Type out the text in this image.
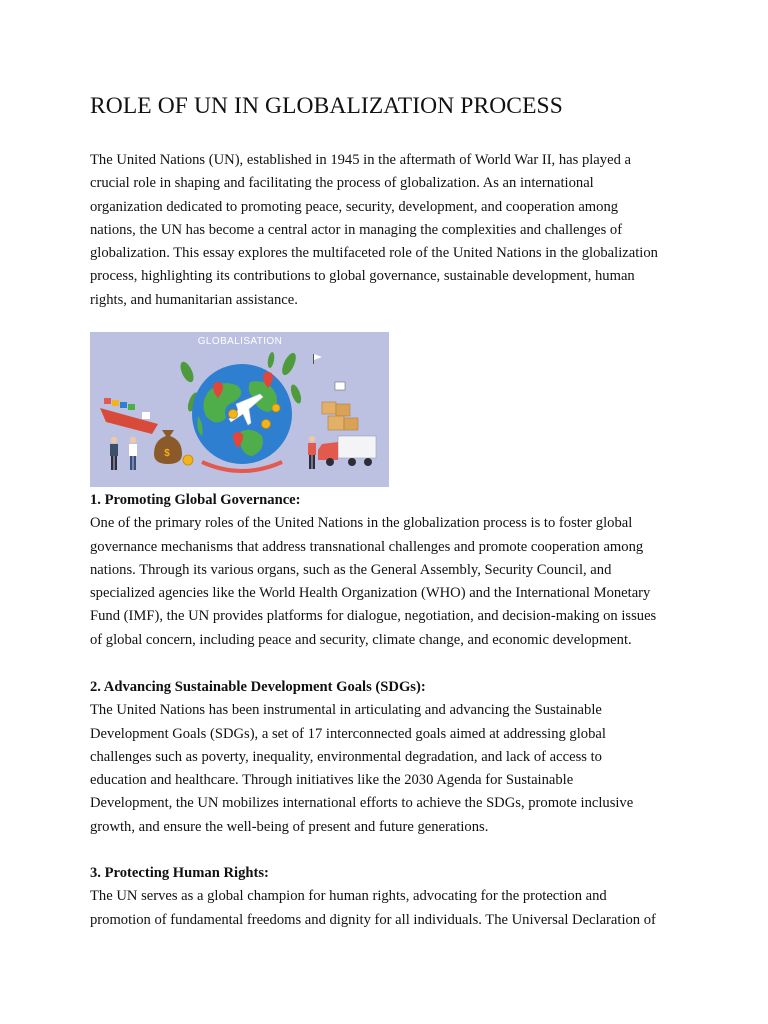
ROLE OF UN IN GLOBALIZATION PROCESS

The United Nations (UN), established in 1945 in the aftermath of World War II, has played a
crucial role in shaping and facilitating the process of globalization. As an international
organization dedicated to promoting peace, security, development, and cooperation among
nations, the UN has become a central actor in managing the complexities and challenges of
globalization. This essay explores the multifaceted role of the United Nations in the globalization
process, highlighting its contributions to global governance, sustainable development, human
rights, and humanitarian assistance.

GLOBALISATION
$

1. Promoting Global Governance:
One of the primary roles of the United Nations in the globalization process is to foster global
governance mechanisms that address transnational challenges and promote cooperation among
nations. Through its various organs, such as the General Assembly, Security Council, and
specialized agencies like the World Health Organization (WHO) and the International Monetary
Fund (IMF), the UN provides platforms for dialogue, negotiation, and decision-making on issues
of global concern, including peace and security, climate change, and economic development.

2. Advancing Sustainable Development Goals (SDGs):
The United Nations has been instrumental in articulating and advancing the Sustainable
Development Goals (SDGs), a set of 17 interconnected goals aimed at addressing global
challenges such as poverty, inequality, environmental degradation, and lack of access to
education and healthcare. Through initiatives like the 2030 Agenda for Sustainable
Development, the UN mobilizes international efforts to achieve the SDGs, promote inclusive
growth, and ensure the well-being of present and future generations.

3. Protecting Human Rights:
The UN serves as a global champion for human rights, advocating for the protection and
promotion of fundamental freedoms and dignity for all individuals. The Universal Declaration of
